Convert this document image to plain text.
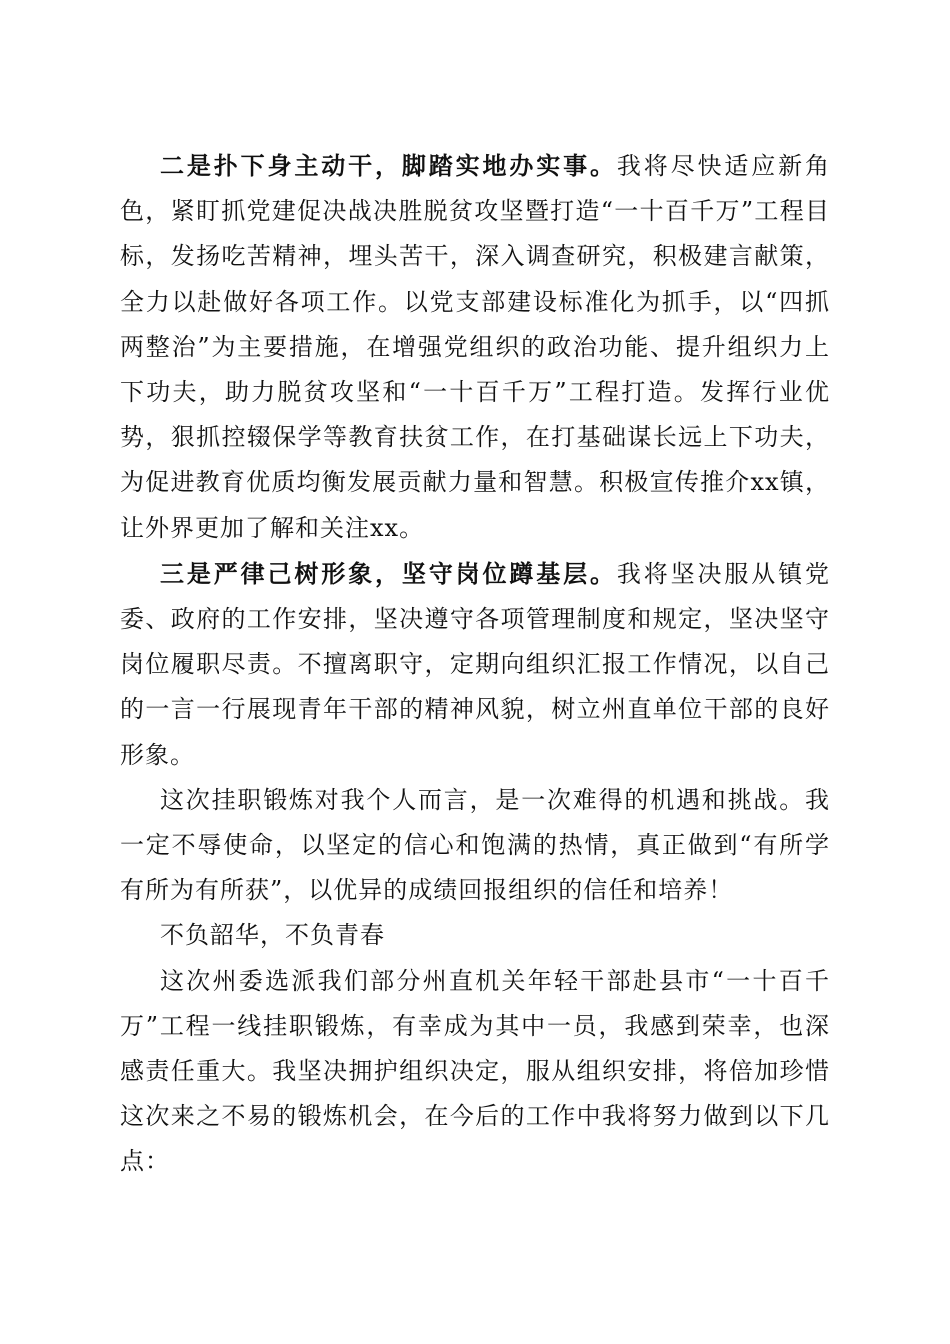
二是扑下身主动干，脚踏实地办实事。我将尽快适应新角色，紧盯抓党建促决战决胜脱贫攻坚暨打造“一十百千万”工程目标，发扬吃苦精神，埋头苦干，深入调查研究，积极建言献策，全力以赴做好各项工作。以党支部建设标准化为抓手，以“四抓两整治”为主要措施，在增强党组织的政治功能、提升组织力上下功夫，助力脱贫攻坚和“一十百千万”工程打造。发挥行业优势，狠抓控辍保学等教育扶贫工作，在打基础谋长远上下功夫，为促进教育优质均衡发展贡献力量和智慧。积极宣传推介xx镇，让外界更加了解和关注xx。

三是严律己树形象，坚守岗位蹲基层。我将坚决服从镇党委、政府的工作安排，坚决遵守各项管理制度和规定，坚决坚守岗位履职尽责。不擅离职守，定期向组织汇报工作情况，以自己的一言一行展现青年干部的精神风貌，树立州直单位干部的良好形象。

这次挂职锻炼对我个人而言，是一次难得的机遇和挑战。我一定不辱使命，以坚定的信心和饱满的热情，真正做到“有所学有所为有所获”，以优异的成绩回报组织的信任和培养！

不负韶华，不负青春

这次州委选派我们部分州直机关年轻干部赴县市“一十百千万”工程一线挂职锻炼，有幸成为其中一员，我感到荣幸，也深感责任重大。我坚决拥护组织决定，服从组织安排，将倍加珍惜这次来之不易的锻炼机会，在今后的工作中我将努力做到以下几点：
